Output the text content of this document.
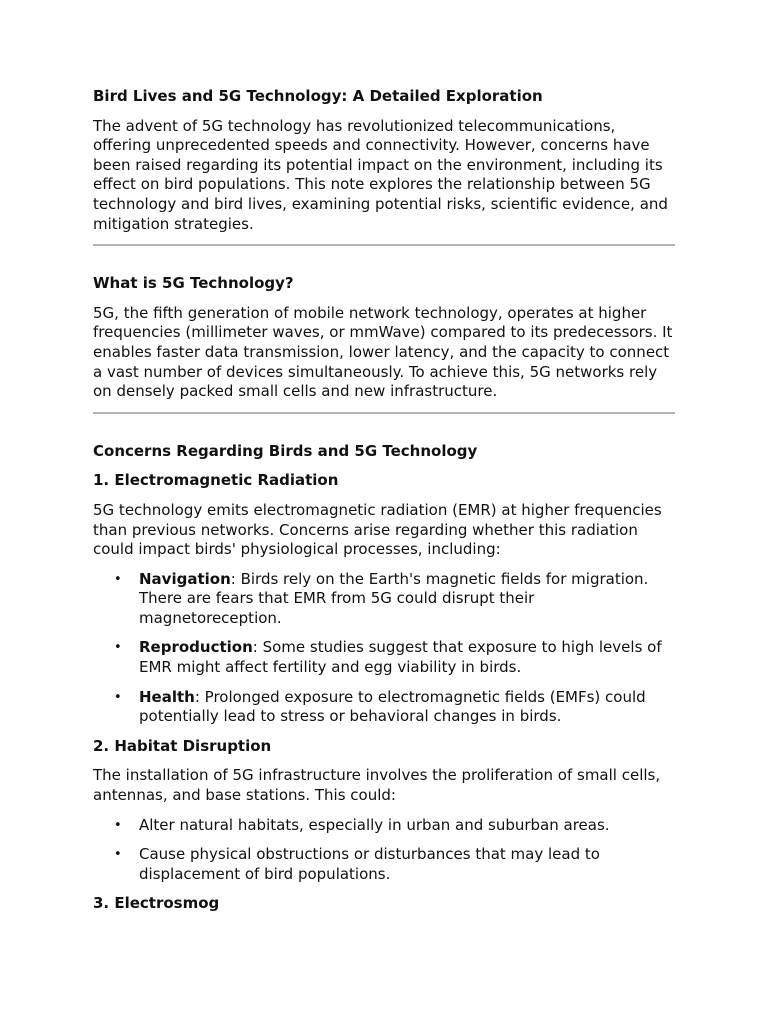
Bird Lives and 5G Technology: A Detailed Exploration

The advent of 5G technology has revolutionized telecommunications, offering unprecedented speeds and connectivity. However, concerns have been raised regarding its potential impact on the environment, including its effect on bird populations. This note explores the relationship between 5G technology and bird lives, examining potential risks, scientific evidence, and mitigation strategies.

What is 5G Technology?

5G, the fifth generation of mobile network technology, operates at higher frequencies (millimeter waves, or mmWave) compared to its predecessors. It enables faster data transmission, lower latency, and the capacity to connect a vast number of devices simultaneously. To achieve this, 5G networks rely on densely packed small cells and new infrastructure.

Concerns Regarding Birds and 5G Technology
1. Electromagnetic Radiation

5G technology emits electromagnetic radiation (EMR) at higher frequencies than previous networks. Concerns arise regarding whether this radiation could impact birds' physiological processes, including:

• Navigation: Birds rely on the Earth's magnetic fields for migration. There are fears that EMR from 5G could disrupt their magnetoreception.
• Reproduction: Some studies suggest that exposure to high levels of EMR might affect fertility and egg viability in birds.
• Health: Prolonged exposure to electromagnetic fields (EMFs) could potentially lead to stress or behavioral changes in birds.
2. Habitat Disruption

The installation of 5G infrastructure involves the proliferation of small cells, antennas, and base stations. This could:

• Alter natural habitats, especially in urban and suburban areas.
• Cause physical obstructions or disturbances that may lead to displacement of bird populations.
3. Electrosmog
